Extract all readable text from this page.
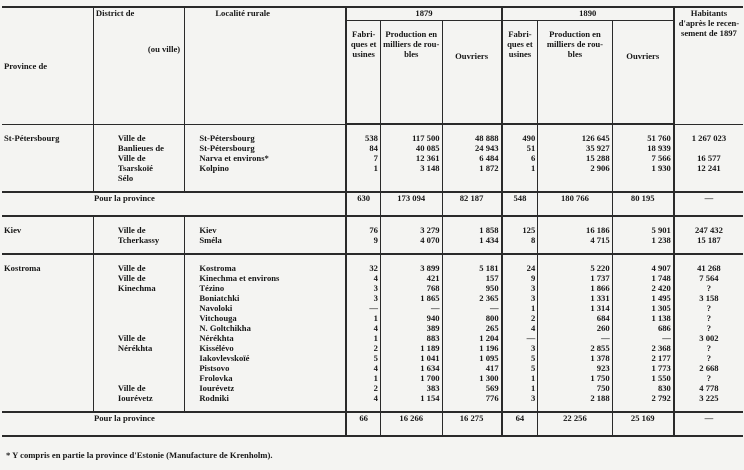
Province de	District de
(ou ville)	Localité rurale	1879			1890			Habitants d'après le recen-sement de 1897
			Fabri-ques et usines	Production en milliers de rou-bles	Ouvriers	Fabri-ques et usines	Production en milliers de rou-bles	Ouvriers	

St-Pétersbourg	Ville de	St-Pétersbourg	538	117 500	48 888	490	126 645	51 760	1 267 023
	Banlieues de	St-Pétersbourg	84	40 085	24 943	51	35 927	18 939	
	Ville de	Narva et environs*	7	12 361	6 484	6	15 288	7 566	16 577
	Tsarskoïé	Kolpino	1	3 148	1 872	1	2 906	1 930	12 241
	Sélo								

Pour la province			630	173 094	82 187	548	180 766	80 195	—

Kiev	Ville de	Kiev	76	3 279	1 858	125	16 186	5 901	247 432
	Tcherkassy	Sméla	9	4 070	1 434	8	4 715	1 238	15 187

Kostroma	Ville de	Kostroma	32	3 899	5 181	24	5 220	4 907	41 268
	Ville de	Kinechma et environs	4	421	157	9	1 737	1 748	7 564
	Kinechma	Tézino	3	768	950	3	1 866	2 420	?
		Boniatchki	3	1 865	2 365	3	1 331	1 495	3 158
		Navoloki	—	—	—	1	1 314	1 305	?
		Vitchouga	1	940	800	2	684	1 138	?
		N. Goltchikha	4	389	265	4	260	686	?
	Ville de	Nérékhta	1	883	1 204	—	—	—	3 002
	Nérékhta	Kissélévo	2	1 189	1 196	3	2 855	2 368	?
		Iakovlevskoïé	5	1 041	1 095	5	1 378	2 177	?
		Pistsovo	4	1 634	417	5	923	1 773	2 668
		Frolovka	1	1 700	1 300	1	1 750	1 550	?
	Ville de	Iourévetz	2	383	569	1	750	830	4 778
	Iourévetz	Rodniki	4	1 154	776	3	2 188	2 792	3 225

Pour la province			66	16 266	16 275	64	22 256	25 169	—
* Y compris en partie la province d'Estonie (Manufacture de Krenholm).
